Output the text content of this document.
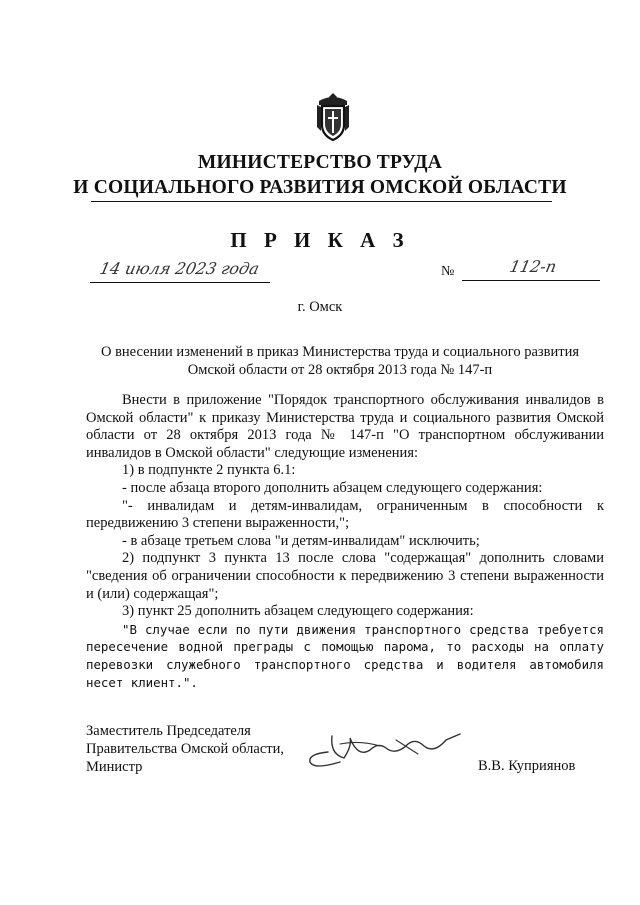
МИНИСТЕРСТВО ТРУДА
И СОЦИАЛЬНОГО РАЗВИТИЯ ОМСКОЙ ОБЛАСТИ
П Р И К А З
14 июля 2023 года	№	112-п
г. Омск
О внесении изменений в приказ Министерства труда и социального развития
Омской области от 28 октября 2013 года № 147-п

Внести в приложение "Порядок транспортного обслуживания инвалидов в Омской области" к приказу Министерства труда и социального развития Омской области от 28 октября 2013 года № 147-п "О транспортном обслуживании инвалидов в Омской области" следующие изменения:

1) в подпункте 2 пункта 6.1:

- после абзаца второго дополнить абзацем следующего содержания:

"- инвалидам и детям-инвалидам, ограниченным в способности к передвижению 3 степени выраженности,";

- в абзаце третьем слова "и детям-инвалидам" исключить;

2) подпункт 3 пункта 13 после слова "содержащая" дополнить словами "сведения об ограничении способности к передвижению 3 степени выраженности и (или) содержащая";

3) пункт 25 дополнить абзацем следующего содержания:

"В случае если по пути движения транспортного средства требуется пересечение водной преграды с помощью парома, то расходы на оплату перевозки служебного транспортного средства и водителя автомобиля несет клиент.".

Заместитель Председателя
Правительства Омской области,
Министр	В.В. Куприянов
